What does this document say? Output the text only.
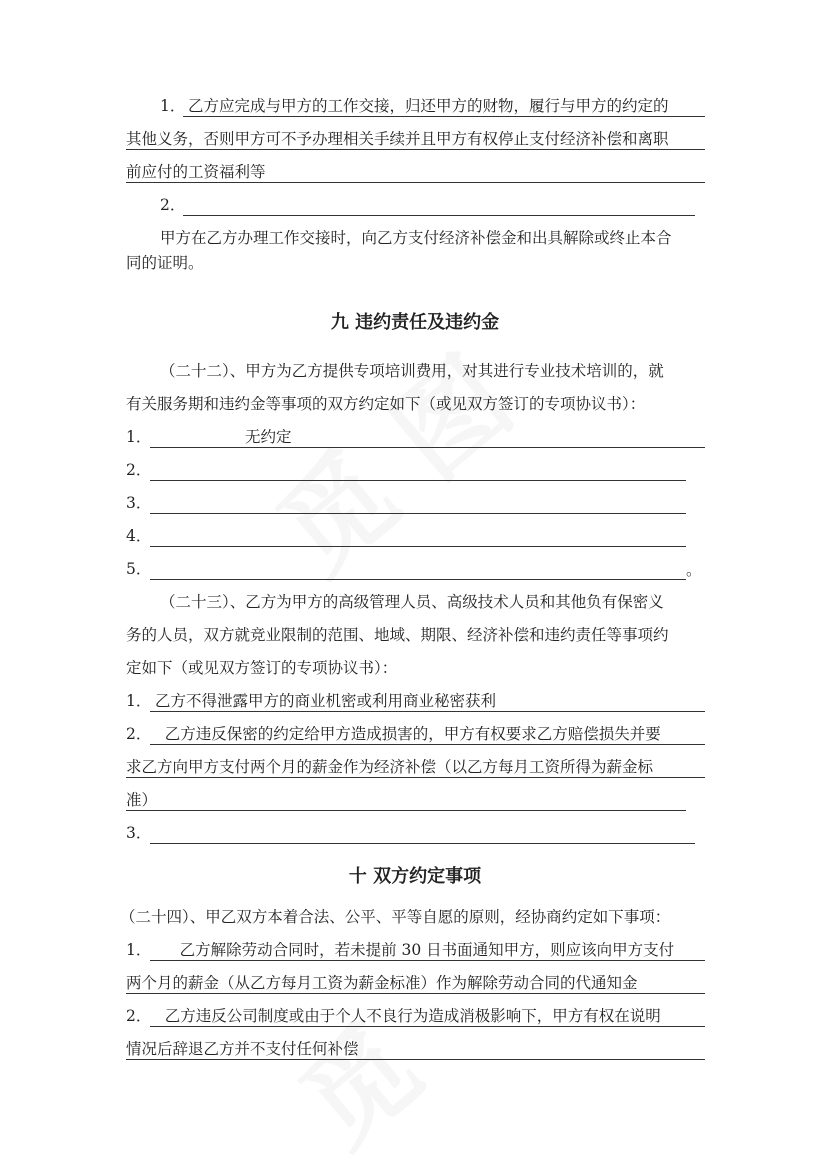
1． 乙方应完成与甲方的工作交接，归还甲方的财物，履行与甲方的约定的
其他义务，否则甲方可不予办理相关手续并且甲方有权停止支付经济补偿和离职
前应付的工资福利等
2．
甲方在乙方办理工作交接时，向乙方支付经济补偿金和出具解除或终止本合
同的证明。
九 违约责任及违约金
（二十二）、甲方为乙方提供专项培训费用，对其进行专业技术培训的，就
有关服务期和违约金等事项的双方约定如下（或见双方签订的专项协议书）：
1．	无约定
2．
3．
4．
5．	。
（二十三）、乙方为甲方的高级管理人员、高级技术人员和其他负有保密义
务的人员，双方就竞业限制的范围、地域、期限、经济补偿和违约责任等事项约
定如下（或见双方签订的专项协议书）：
1． 乙方不得泄露甲方的商业机密或利用商业秘密获利
2． 乙方违反保密的约定给甲方造成损害的，甲方有权要求乙方赔偿损失并要
求乙方向甲方支付两个月的薪金作为经济补偿（以乙方每月工资所得为薪金标
准）
3．
十 双方约定事项
（二十四）、甲乙双方本着合法、公平、平等自愿的原则，经协商约定如下事项：
1．	乙方解除劳动合同时，若未提前 30 日书面通知甲方，则应该向甲方支付
两个月的薪金（从乙方每月工资为薪金标准）作为解除劳动合同的代通知金
2． 乙方违反公司制度或由于个人不良行为造成消极影响下，甲方有权在说明
情况后辞退乙方并不支付任何补偿
